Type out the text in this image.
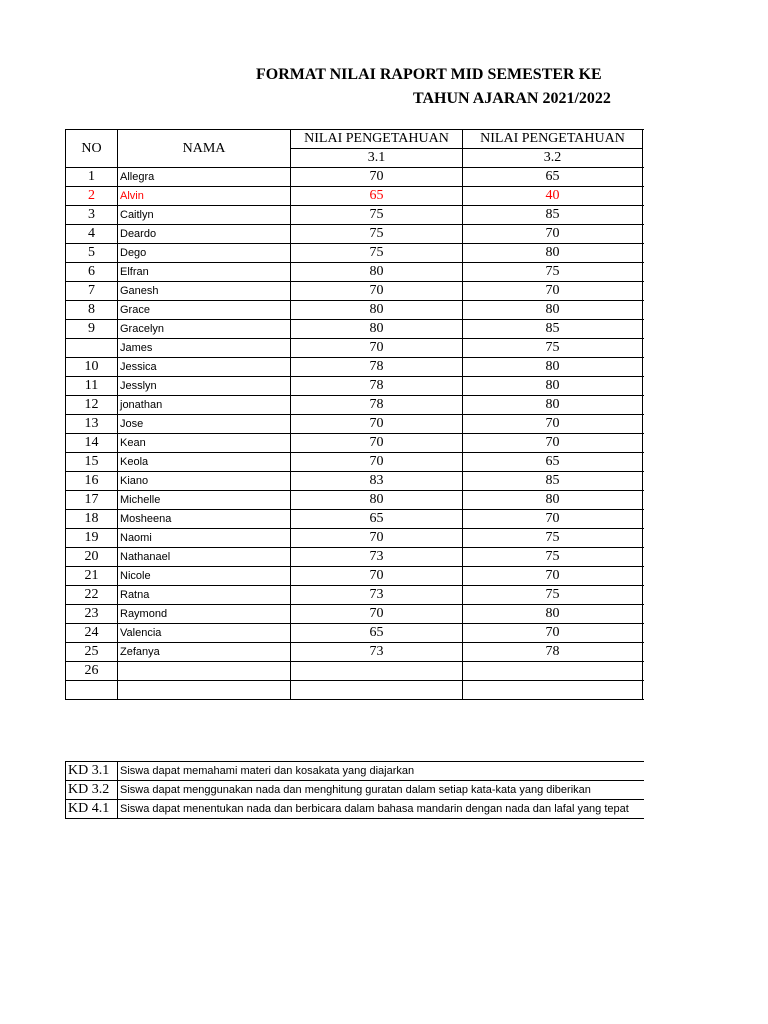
FORMAT NILAI RAPORT MID SEMESTER KE
TAHUN AJARAN 2021/2022
NO	NAMA	NILAI PENGETAHUAN	NILAI PENGETAHUAN	
		3.1	3.2	
1	Allegra	70	65	
2	Alvin	65	40	
3	Caitlyn	75	85	
4	Deardo	75	70	
5	Dego	75	80	
6	Elfran	80	75	
7	Ganesh	70	70	
8	Grace	80	80	
9	Gracelyn	80	85	
	James	70	75	
10	Jessica	78	80	
11	Jesslyn	78	80	
12	jonathan	78	80	
13	Jose	70	70	
14	Kean	70	70	
15	Keola	70	65	
16	Kiano	83	85	
17	Michelle	80	80	
18	Mosheena	65	70	
19	Naomi	70	75	
20	Nathanael	73	75	
21	Nicole	70	70	
22	Ratna	73	75	
23	Raymond	70	80	
24	Valencia	65	70	
25	Zefanya	73	78	
26				

KD 3.1	Siswa dapat memahami materi dan kosakata yang diajarkan
KD 3.2	Siswa dapat menggunakan nada dan menghitung guratan dalam setiap kata-kata yang diberikan
KD 4.1	Siswa dapat menentukan nada dan berbicara dalam bahasa mandarin dengan nada dan lafal yang tepat
